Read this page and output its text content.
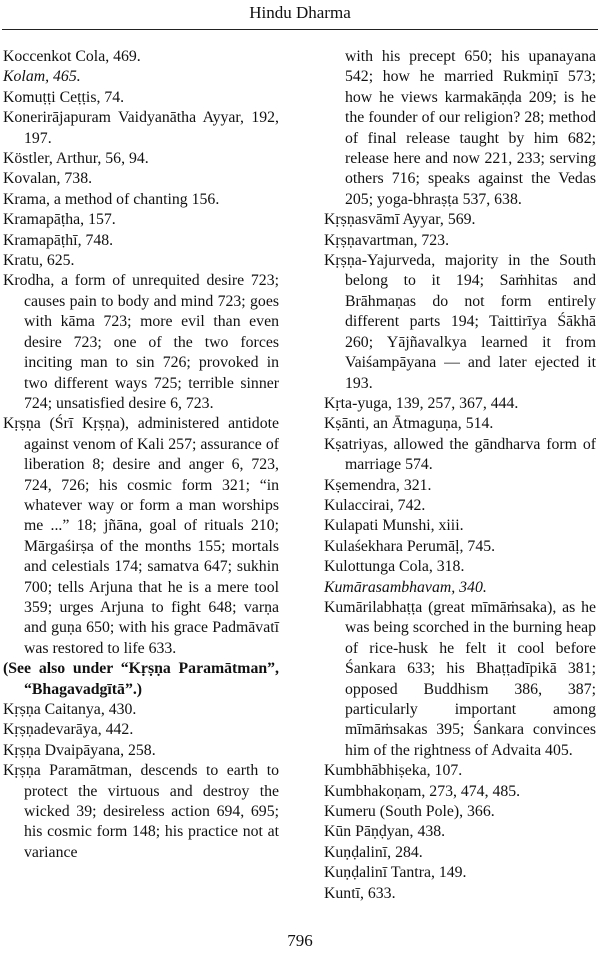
Hindu Dharma

Koccenkot Cola, 469.

Kolam, 465.

Komuṭṭi Ceṭṭis, 74.

Konerirājapuram Vaidyanātha Ayyar, 192, 197.

Köstler, Arthur, 56, 94.

Kovalan, 738.

Krama, a method of chanting 156.

Kramapāṭha, 157.

Kramapāṭhī, 748.

Kratu, 625.

Krodha, a form of unrequited desire 723; causes pain to body and mind 723; goes with kāma 723; more evil than even desire 723; one of the two forces inciting man to sin 726; provoked in two different ways 725; terrible sinner 724; unsatisfied desire 6, 723.

Kṛṣṇa (Śrī Kṛṣṇa), administered antidote against venom of Kali 257; assurance of liberation 8; desire and anger 6, 723, 724, 726; his cosmic form 321; “in whatever way or form a man worships me ...” 18; jñāna, goal of rituals 210; Mārgaśirṣa of the months 155; mortals and celestials 174; samatva 647; sukhin 700; tells Arjuna that he is a mere tool 359; urges Arjuna to fight 648; varṇa and guṇa 650; with his grace Padmāvatī was restored to life 633.

(See also under “Kṛṣṇa Paramātman”, “Bhagavadgītā”.)

Kṛṣṇa Caitanya, 430.

Kṛṣṇadevarāya, 442.

Kṛṣṇa Dvaipāyana, 258.

Kṛṣṇa Paramātman, descends to earth to protect the virtuous and destroy the wicked 39; desireless action 694, 695; his cosmic form 148; his practice not at variance

with his precept 650; his upanayana 542; how he married Rukmiṇī 573; how he views karmakāṇḍa 209; is he the founder of our religion? 28; method of final release taught by him 682; release here and now 221, 233; serving others 716; speaks against the Vedas 205; yoga-bhraṣṭa 537, 638.

Kṛṣṇasvāmī Ayyar, 569.

Kṛṣṇavartman, 723.

Kṛṣṇa-Yajurveda, majority in the South belong to it 194; Saṁhitas and Brāhmaṇas do not form entirely different parts 194; Taittirīya Śākhā 260; Yājñavalkya learned it from Vaiśampāyana — and later ejected it 193.

Kṛta-yuga, 139, 257, 367, 444.

Kṣānti, an Ātmaguṇa, 514.

Kṣatriyas, allowed the gāndharva form of marriage 574.

Kṣemendra, 321.

Kulaccirai, 742.

Kulapati Munshi, xiii.

Kulaśekhara Perumāḷ, 745.

Kulottunga Cola, 318.

Kumārasambhavam, 340.

Kumārilabhaṭṭa (great mīmāṁsaka), as he was being scorched in the burning heap of rice-husk he felt it cool before Śankara 633; his Bhaṭṭadīpikā 381; opposed Buddhism 386, 387; particularly important among mīmāṁsakas 395; Śankara convinces him of the rightness of Advaita 405.

Kumbhābhiṣeka, 107.

Kumbhakoṇam, 273, 474, 485.

Kumeru (South Pole), 366.

Kūn Pāṇḍyan, 438.

Kuṇḍalinī, 284.

Kuṇḍalinī Tantra, 149.

Kuntī, 633.

796
